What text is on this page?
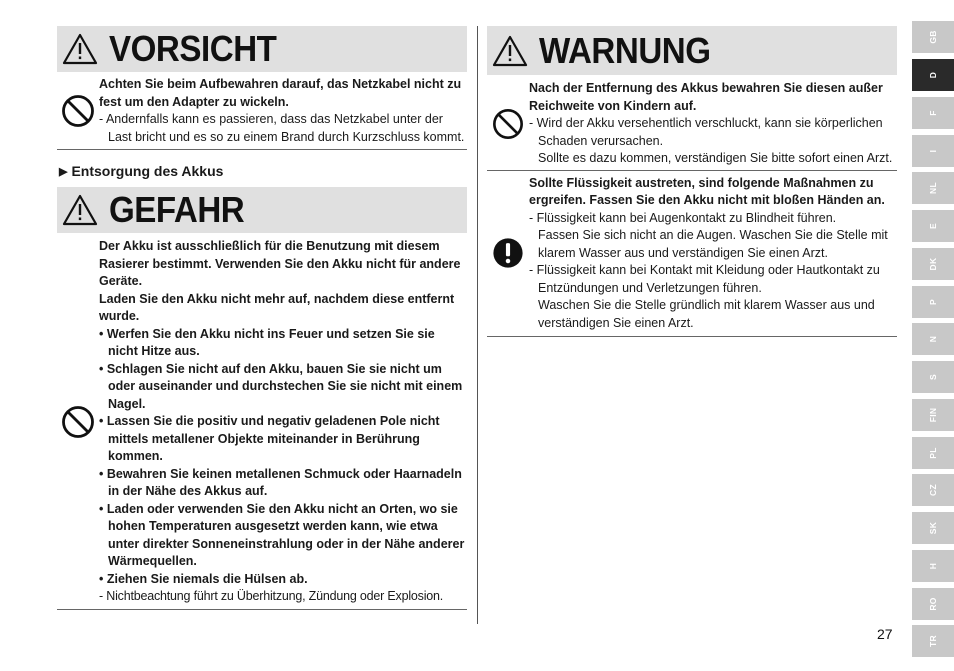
VORSICHT
Achten Sie beim Aufbewahren darauf, das Netzkabel nicht zu fest um den Adapter zu wickeln.
- Andernfalls kann es passieren, dass das Netzkabel unter der Last bricht und es so zu einem Brand durch Kurzschluss kommt.
▶ Entsorgung des Akkus
GEFAHR
Der Akku ist ausschließlich für die Benutzung mit diesem Rasierer bestimmt. Verwenden Sie den Akku nicht für andere Geräte.
Laden Sie den Akku nicht mehr auf, nachdem diese entfernt wurde.
• Werfen Sie den Akku nicht ins Feuer und setzen Sie sie nicht Hitze aus.
• Schlagen Sie nicht auf den Akku, bauen Sie sie nicht um oder auseinander und durchstechen Sie sie nicht mit einem Nagel.
• Lassen Sie die positiv und negativ geladenen Pole nicht mittels metallener Objekte miteinander in Berührung kommen.
• Bewahren Sie keinen metallenen Schmuck oder Haarnadeln in der Nähe des Akkus auf.
• Laden oder verwenden Sie den Akku nicht an Orten, wo sie hohen Temperaturen ausgesetzt werden kann, wie etwa unter direkter Sonneneinstrahlung oder in der Nähe anderer Wärmequellen.
• Ziehen Sie niemals die Hülsen ab.
- Nichtbeachtung führt zu Überhitzung, Zündung oder Explosion.
WARNUNG
Nach der Entfernung des Akkus bewahren Sie diesen außer Reichweite von Kindern auf.
- Wird der Akku versehentlich verschluckt, kann sie körperlichen Schaden verursachen.
Sollte es dazu kommen, verständigen Sie bitte sofort einen Arzt.
Sollte Flüssigkeit austreten, sind folgende Maßnahmen zu ergreifen. Fassen Sie den Akku nicht mit bloßen Händen an.
- Flüssigkeit kann bei Augenkontakt zu Blindheit führen.
Fassen Sie sich nicht an die Augen. Waschen Sie die Stelle mit klarem Wasser aus und verständigen Sie einen Arzt.
- Flüssigkeit kann bei Kontakt mit Kleidung oder Hautkontakt zu Entzündungen und Verletzungen führen.
Waschen Sie die Stelle gründlich mit klarem Wasser aus und verständigen Sie einen Arzt.
GB
D
F
I
NL
E
DK
P
N
S
FIN
PL
CZ
SK
H
RO
TR
27
